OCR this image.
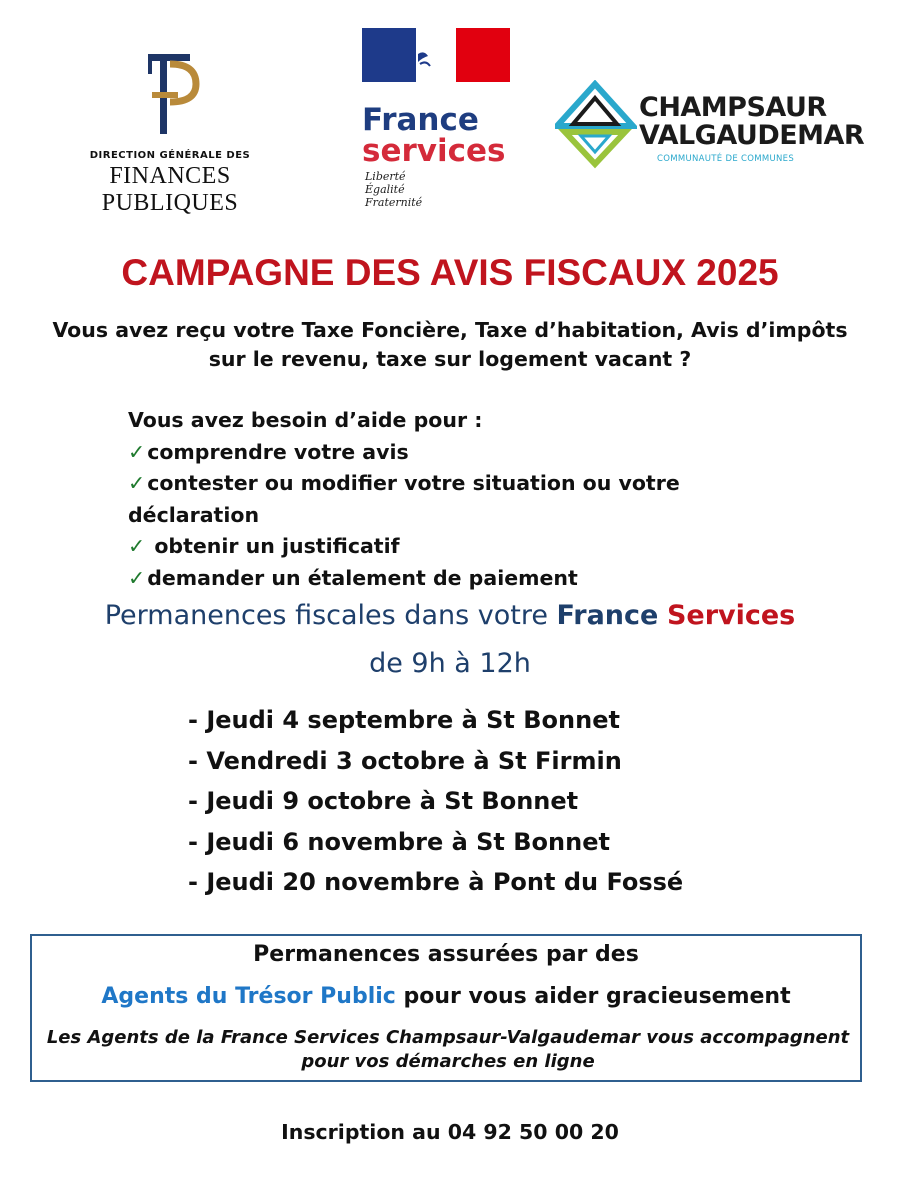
DIRECTION GÉNÉRALE DES
FINANCES PUBLIQUES
France
services
Liberté
Égalité
Fraternité
CHAMPSAUR
VALGAUDEMAR
COMMUNAUTÉ DE COMMUNES
CAMPAGNE DES AVIS FISCAUX 2025
Vous avez reçu votre Taxe Foncière, Taxe d’habitation, Avis d’impôts sur le revenu, taxe sur logement vacant ?
Vous avez besoin d’aide pour :
✓comprendre votre avis
✓contester ou modifier votre situation ou votre déclaration
✓ obtenir un justificatif
✓demander un étalement de paiement
Permanences fiscales dans votre France Services
de 9h à 12h
- Jeudi 4 septembre à St Bonnet
- Vendredi 3 octobre à St Firmin
- Jeudi 9 octobre à St Bonnet
- Jeudi 6 novembre à St Bonnet
- Jeudi 20 novembre à Pont du Fossé
Permanences assurées par des
Agents du Trésor Public pour vous aider gracieusement
Les Agents de la France Services Champsaur-Valgaudemar vous accompagnent pour vos démarches en ligne
Inscription au 04 92 50 00 20
